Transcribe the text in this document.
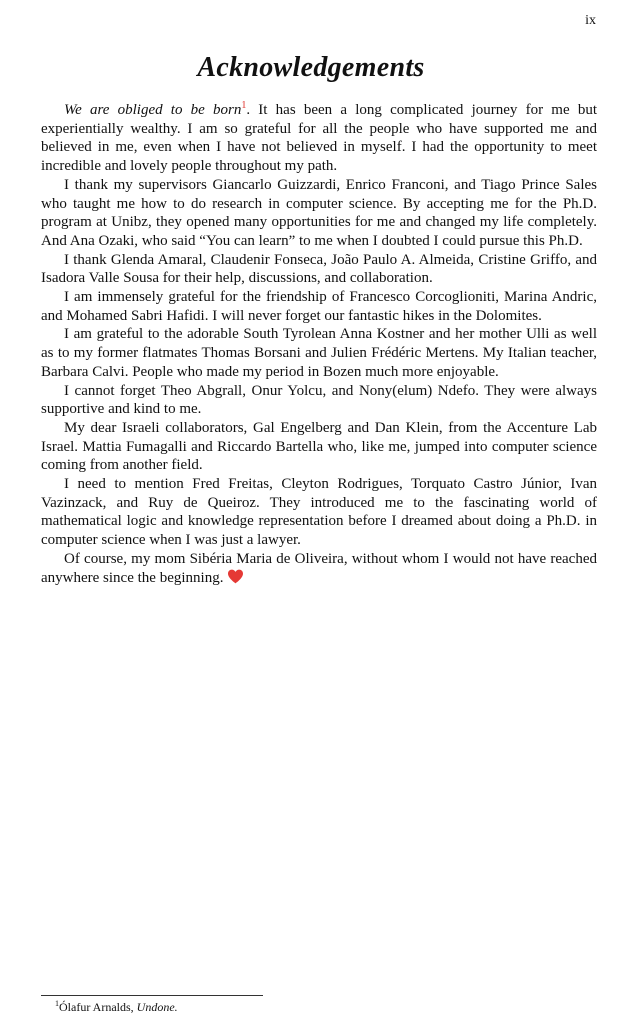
ix
Acknowledgements

We are obliged to be born$^1$. It has been a long complicated journey for me but experientially wealthy. I am so grateful for all the people who have supported me and believed in me, even when I have not believed in myself. I had the opportunity to meet incredible and lovely people throughout my path.

I thank my supervisors Giancarlo Guizzardi, Enrico Franconi, and Tiago Prince Sales who taught me how to do research in computer science. By accepting me for the Ph.D. program at Unibz, they opened many opportunities for me and changed my life completely. And Ana Ozaki, who said “You can learn” to me when I doubted I could pursue this Ph.D.

I thank Glenda Amaral, Claudenir Fonseca, João Paulo A. Almeida, Cristine Griffo, and Isadora Valle Sousa for their help, discussions, and collaboration.

I am immensely grateful for the friendship of Francesco Corcoglioniti, Marina Andric, and Mohamed Sabri Hafidi. I will never forget our fantastic hikes in the Dolomites.

I am grateful to the adorable South Tyrolean Anna Kostner and her mother Ulli as well as to my former flatmates Thomas Borsani and Julien Frédéric Mertens. My Italian teacher, Barbara Calvi. People who made my period in Bozen much more enjoyable.

I cannot forget Theo Abgrall, Onur Yolcu, and Nony(elum) Ndefo. They were always supportive and kind to me.

My dear Israeli collaborators, Gal Engelberg and Dan Klein, from the Accenture Lab Israel. Mattia Fumagalli and Riccardo Bartella who, like me, jumped into computer science coming from another field.

I need to mention Fred Freitas, Cleyton Rodrigues, Torquato Castro Júnior, Ivan Vazinzack, and Ruy de Queiroz. They introduced me to the fascinating world of mathematical logic and knowledge representation before I dreamed about doing a Ph.D. in computer science when I was just a lawyer.

Of course, my mom Sibéria Maria de Oliveira, without whom I would not have reached anywhere since the beginning.

$^1$Ólafur Arnalds, Undone.
